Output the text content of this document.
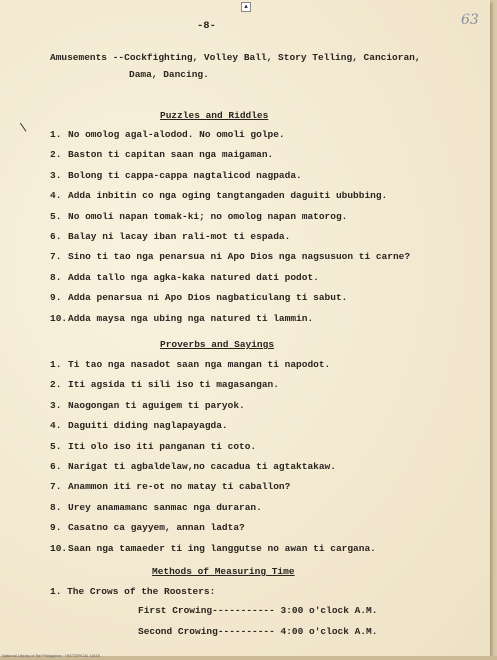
▲
-8-	63
Amusements --Cockfighting, Volley Ball, Story Telling, Cancioran,
Dama, Dancing.
Puzzles and Riddles
1. No omolog agal-alodod. No omoli golpe.
2. Baston ti capitan saan nga maigaman.
3. Bolong ti cappa-cappa nagtalicod nagpada.
4. Adda inbitin co nga oging tangtangaden daguiti ububbing.
5. No omoli napan tomak-ki; no omolog napan matorog.
6. Balay ni lacay iban rali-mot ti espada.
7. Sino ti tao nga penarsua ni Apo Dios nga nagsusuon ti carne?
8. Adda tallo nga agka-kaka natured dati podot.
9. Adda penarsua ni Apo Dios nagbaticulang ti sabut.
10.Adda maysa nga ubing nga natured ti lammin.
Proverbs and Sayings
1. Ti tao nga nasadot saan nga mangan ti napodot.
2. Iti agsida ti sili iso ti magasangan.
3. Naogongan ti aguigem ti paryok.
4. Daguiti diding naglapayagda.
5. Iti olo iso iti panganan ti coto.
6. Narigat ti agbaldelaw,no cacadua ti agtaktakaw.
7. Anammon iti re-ot no matay ti caballon?
8. Urey anamamanc sanmac nga duraran.
9. Casatno ca gayyem, annan ladta?
10.Saan nga tamaeder ti ing langgutse no awan ti cargana.
Methods of Measuring Time
1. The Crows of the Roosters:
First Crowing----------- 3:00 o'clock A.M.
Second Crowing---------- 4:00 o'clock A.M.
National Library of the Philippines · HISTORICAL DATA
